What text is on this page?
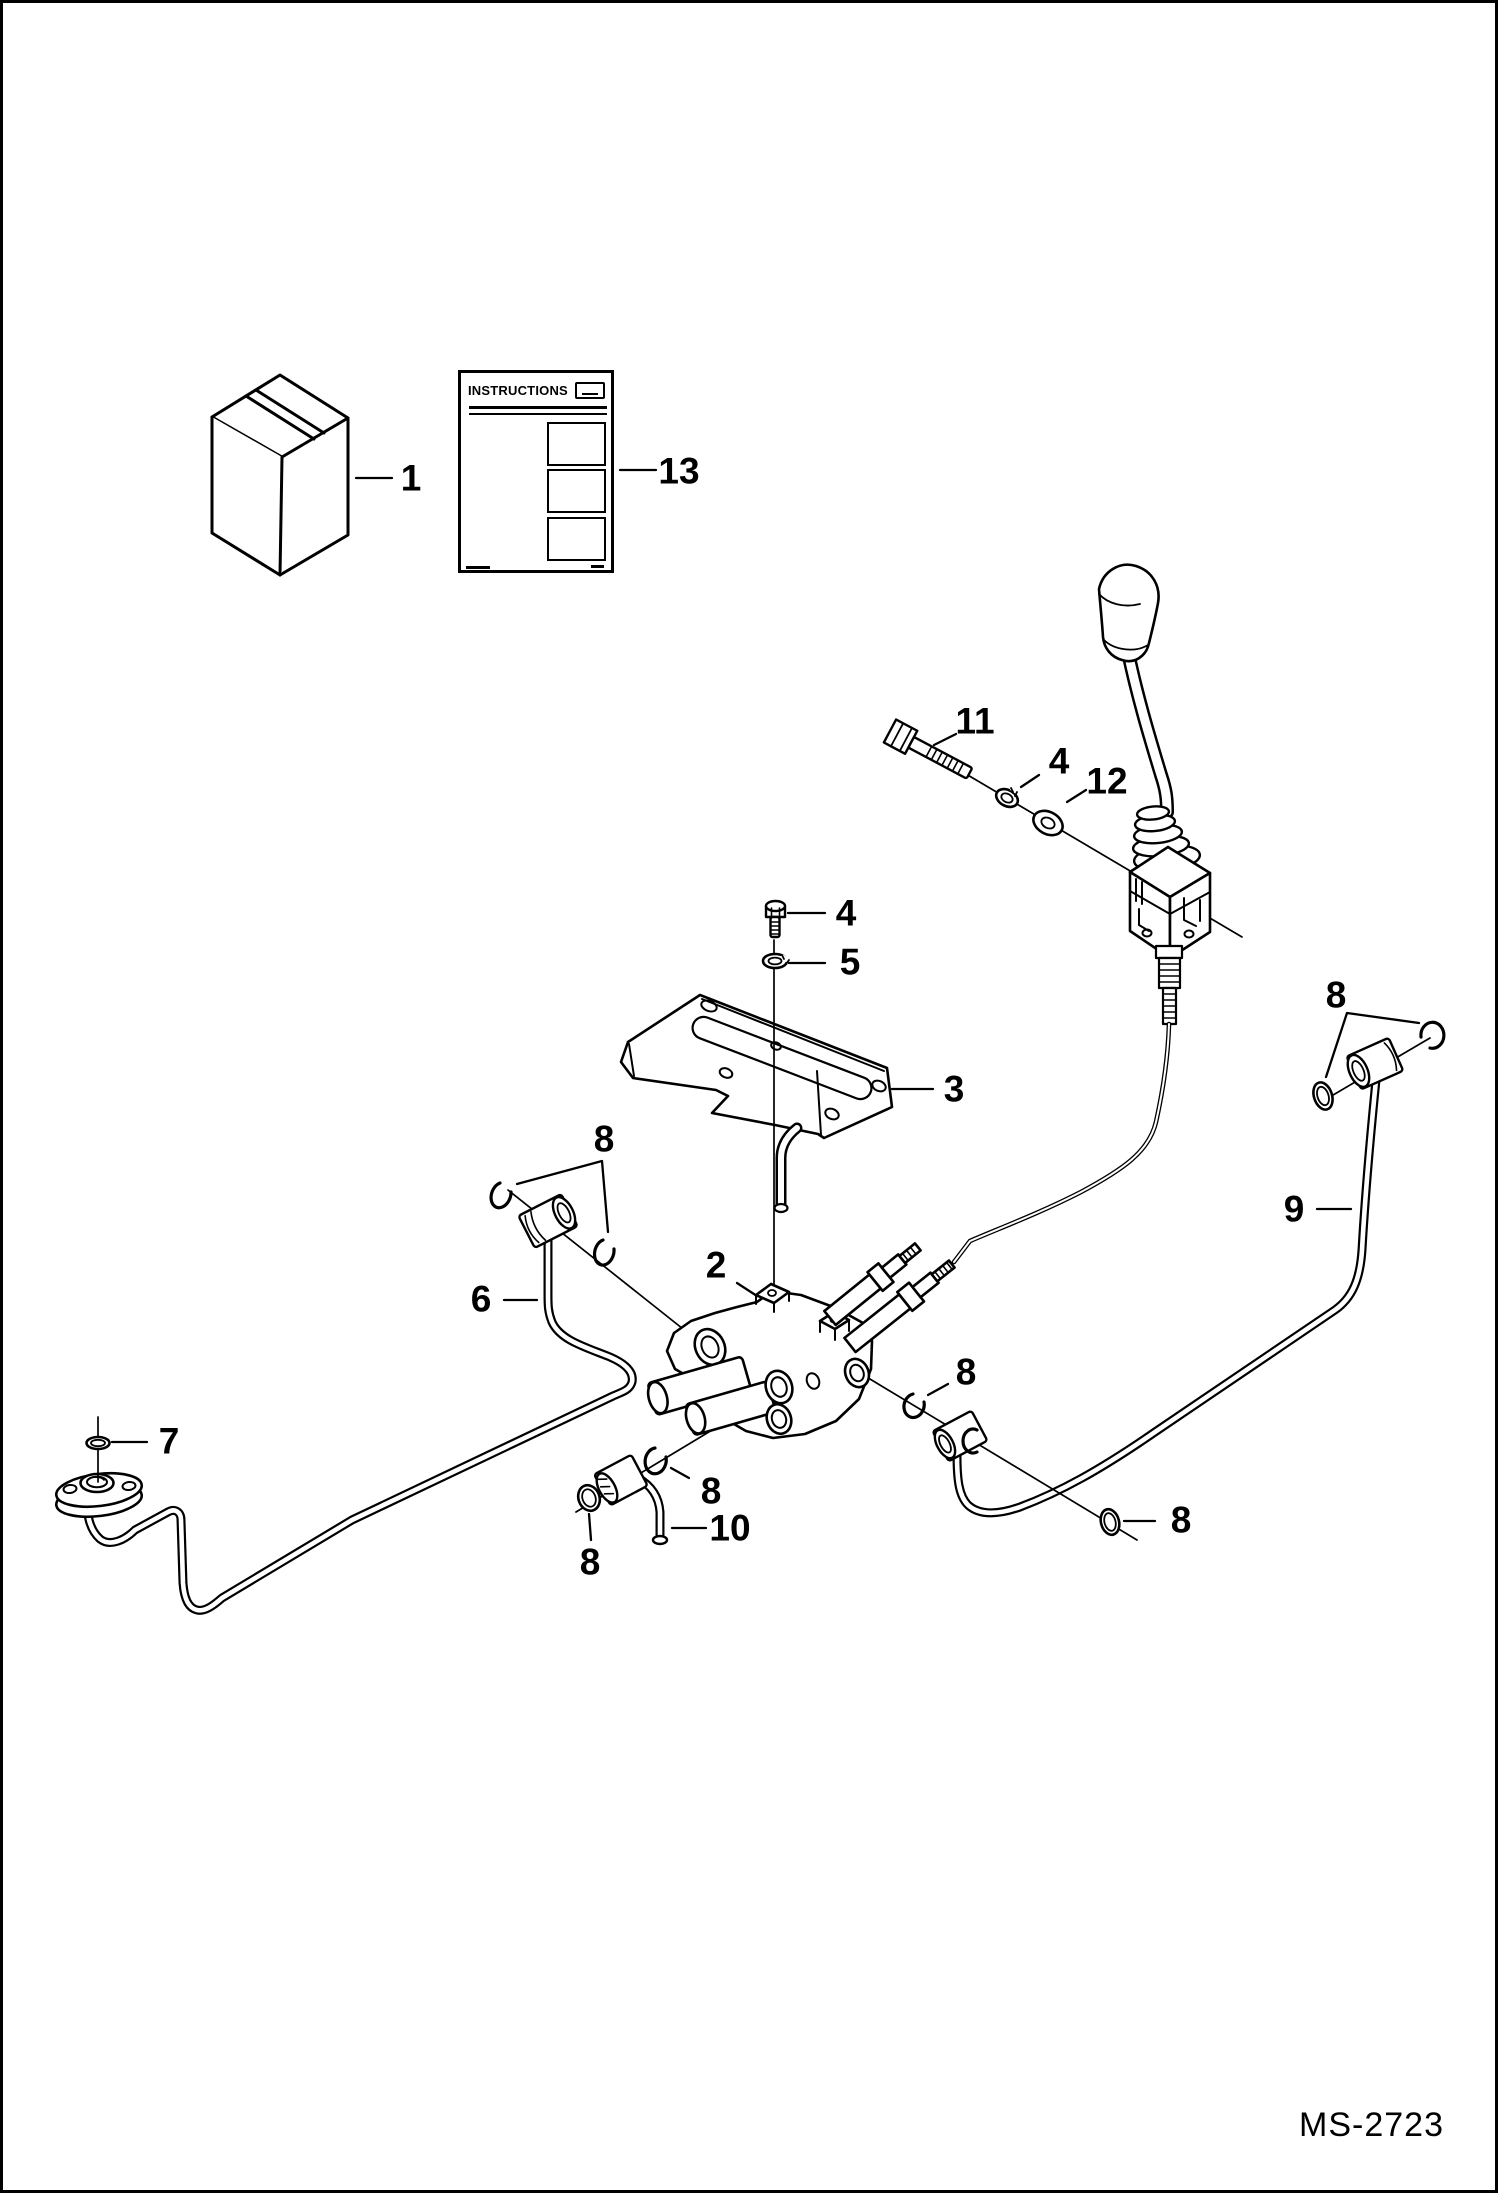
INSTRUCTIONS
1	13
11
4 12
4
5
3
2
8
6
7
8
9
8
8
8
8
10
MS-2723
